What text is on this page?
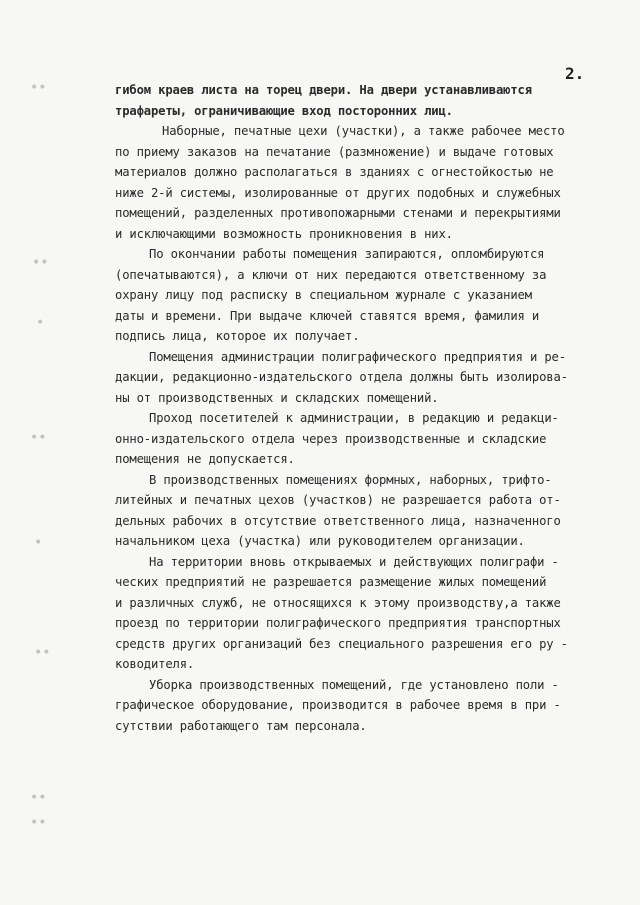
2.
••
••
•
••
•
••
••
••
гибом краев листа на торец двери. На двери устанавливаются
трафареты, ограничивающие вход посторонних лиц.
Наборные, печатные цехи (участки), а также рабочее место
по приему заказов на печатание (размножение) и выдаче готовых
материалов должно располагаться в зданиях с огнестойкостью не
ниже 2-й системы, изолированные от других подобных и служебных
помещений, разделенных противопожарными стенами и перекрытиями
и исключающими возможность проникновения в них.
По окончании работы помещения запираются, опломбируются
(опечатываются), а ключи от них передаются ответственному за
охрану лицу под расписку в специальном журнале с указанием
даты и времени. При выдаче ключей ставятся время, фамилия и
подпись лица, которое их получает.
Помещения администрации полиграфического предприятия и ре-
дакции, редакционно-издательского отдела должны быть изолирова-
ны от производственных и складских помещений.
Проход посетителей к администрации, в редакцию и редакци-
онно-издательского отдела через производственные и складские
помещения не допускается.
В производственных помещениях формных, наборных, трифто-
литейных и печатных цехов (участков) не разрешается работа от-
дельных рабочих в отсутствие ответственного лица, назначенного
начальником цеха (участка) или руководителем организации.
На территории вновь открываемых и действующих полиграфи -
ческих предприятий не разрешается размещение жилых помещений
и различных служб, не относящихся к этому производству,а также
проезд по территории полиграфического предприятия транспортных
средств других организаций без специального разрешения его ру -
ководителя.
Уборка производственных помещений, где установлено поли -
графическое оборудование, производится в рабочее время в при -
сутствии работающего там персонала.
